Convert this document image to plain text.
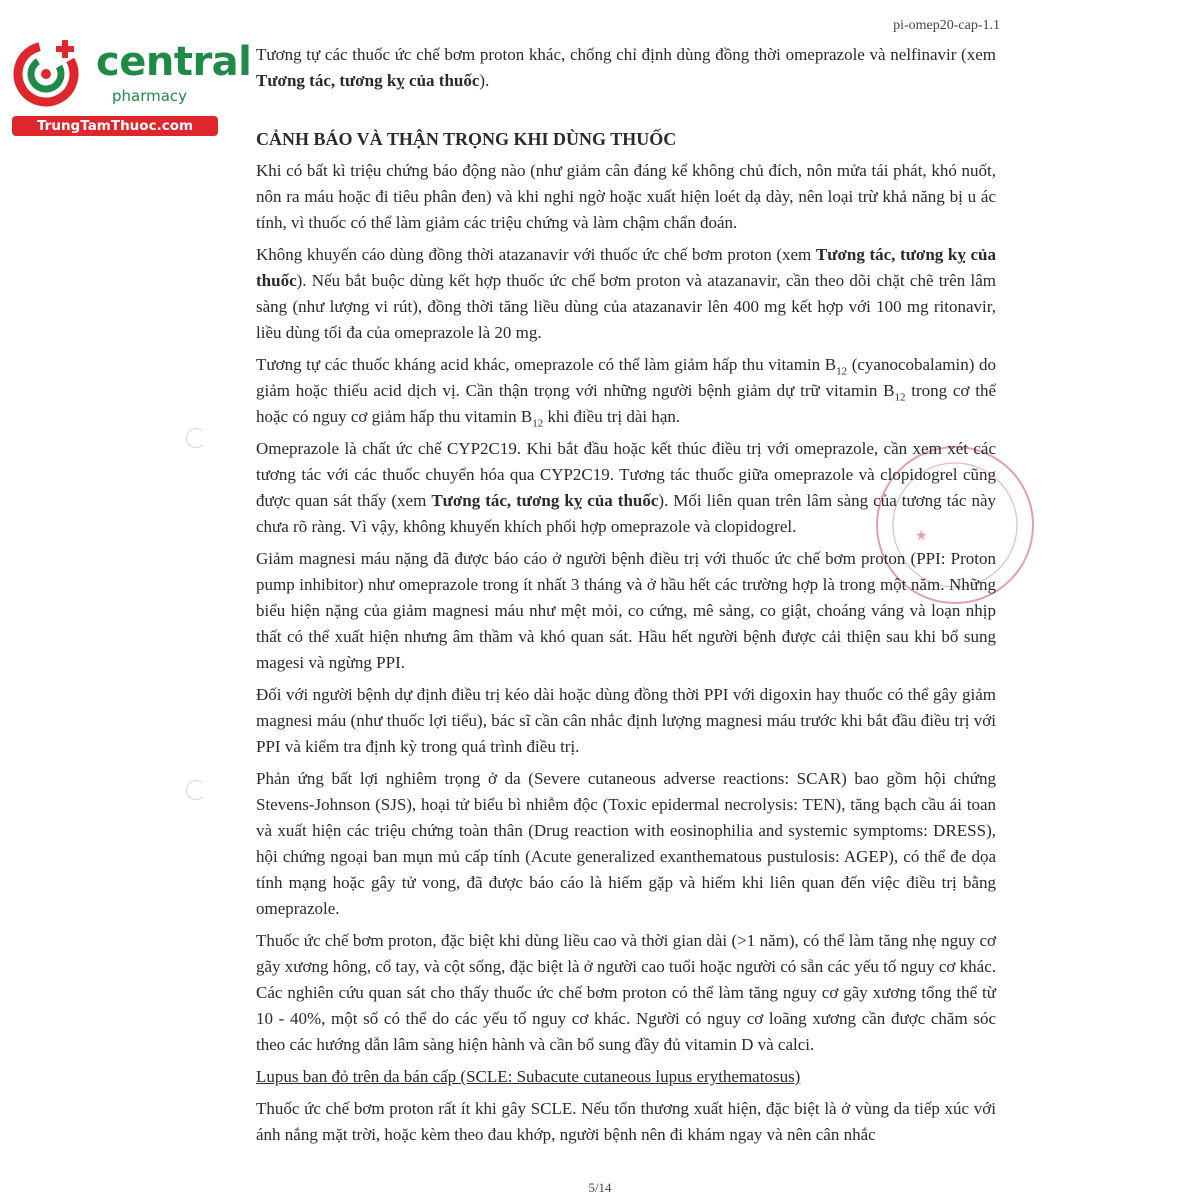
central
pharmacy
TrungTamThuoc.com
pi-omep20-cap-1.1
★

Tương tự các thuốc ức chế bơm proton khác, chống chỉ định dùng đồng thời omeprazole và nelfinavir (xem Tương tác, tương kỵ của thuốc).

CẢNH BÁO VÀ THẬN TRỌNG KHI DÙNG THUỐC

Khi có bất kì triệu chứng báo động nào (như giảm cân đáng kể không chủ đích, nôn mửa tái phát, khó nuốt, nôn ra máu hoặc đi tiêu phân đen) và khi nghi ngờ hoặc xuất hiện loét dạ dày, nên loại trừ khả năng bị u ác tính, vì thuốc có thể làm giảm các triệu chứng và làm chậm chẩn đoán.

Không khuyến cáo dùng đồng thời atazanavir với thuốc ức chế bơm proton (xem Tương tác, tương kỵ của thuốc). Nếu bắt buộc dùng kết hợp thuốc ức chế bơm proton và atazanavir, cần theo dõi chặt chẽ trên lâm sàng (như lượng vi rút), đồng thời tăng liều dùng của atazanavir lên 400 mg kết hợp với 100 mg ritonavir, liều dùng tối đa của omeprazole là 20 mg.

Tương tự các thuốc kháng acid khác, omeprazole có thể làm giảm hấp thu vitamin $B_{12}$ (cyanocobalamin) do giảm hoặc thiếu acid dịch vị. Cần thận trọng với những người bệnh giảm dự trữ vitamin $B_{12}$ trong cơ thể hoặc có nguy cơ giảm hấp thu vitamin $B_{12}$ khi điều trị dài hạn.

Omeprazole là chất ức chế CYP2C19. Khi bắt đầu hoặc kết thúc điều trị với omeprazole, cần xem xét các tương tác với các thuốc chuyển hóa qua CYP2C19. Tương tác thuốc giữa omeprazole và clopidogrel cũng được quan sát thấy (xem Tương tác, tương kỵ của thuốc). Mối liên quan trên lâm sàng của tương tác này chưa rõ ràng. Vì vậy, không khuyến khích phối hợp omeprazole và clopidogrel.

Giảm magnesi máu nặng đã được báo cáo ở người bệnh điều trị với thuốc ức chế bơm proton (PPI: Proton pump inhibitor) như omeprazole trong ít nhất 3 tháng và ở hầu hết các trường hợp là trong một năm. Những biểu hiện nặng của giảm magnesi máu như mệt mỏi, co cứng, mê sảng, co giật, choáng váng và loạn nhịp thất có thể xuất hiện nhưng âm thầm và khó quan sát. Hầu hết người bệnh được cải thiện sau khi bổ sung magesi và ngừng PPI.

Đối với người bệnh dự định điều trị kéo dài hoặc dùng đồng thời PPI với digoxin hay thuốc có thể gây giảm magnesi máu (như thuốc lợi tiểu), bác sĩ cần cân nhắc định lượng magnesi máu trước khi bắt đầu điều trị với PPI và kiểm tra định kỳ trong quá trình điều trị.

Phản ứng bất lợi nghiêm trọng ở da (Severe cutaneous adverse reactions: SCAR) bao gồm hội chứng Stevens-Johnson (SJS), hoại tử biểu bì nhiễm độc (Toxic epidermal necrolysis: TEN), tăng bạch cầu ái toan và xuất hiện các triệu chứng toàn thân (Drug reaction with eosinophilia and systemic symptoms: DRESS), hội chứng ngoại ban mụn mủ cấp tính (Acute generalized exanthematous pustulosis: AGEP), có thể đe dọa tính mạng hoặc gây tử vong, đã được báo cáo là hiếm gặp và hiếm khi liên quan đến việc điều trị bằng omeprazole.

Thuốc ức chế bơm proton, đặc biệt khi dùng liều cao và thời gian dài (>1 năm), có thể làm tăng nhẹ nguy cơ gãy xương hông, cổ tay, và cột sống, đặc biệt là ở người cao tuổi hoặc người có sẵn các yếu tố nguy cơ khác. Các nghiên cứu quan sát cho thấy thuốc ức chế bơm proton có thể làm tăng nguy cơ gãy xương tổng thể từ 10 - 40%, một số có thể do các yếu tố nguy cơ khác. Người có nguy cơ loãng xương cần được chăm sóc theo các hướng dẫn lâm sàng hiện hành và cần bổ sung đầy đủ vitamin D và calci.

Lupus ban đỏ trên da bán cấp (SCLE: Subacute cutaneous lupus erythematosus)

Thuốc ức chế bơm proton rất ít khi gây SCLE. Nếu tổn thương xuất hiện, đặc biệt là ở vùng da tiếp xúc với ánh nắng mặt trời, hoặc kèm theo đau khớp, người bệnh nên đi khám ngay và nên cân nhắc

5/14
